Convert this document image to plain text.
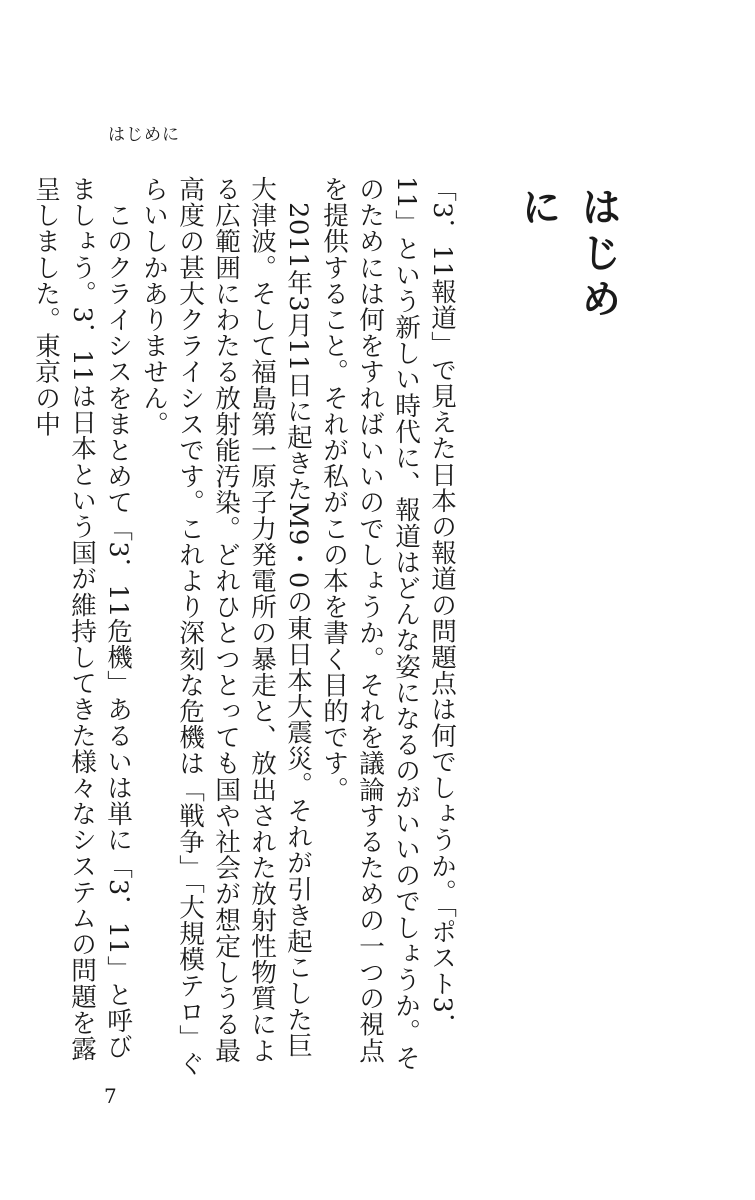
はじめに
はじめに

「3．11報道」で見えた日本の報道の問題点は何でしょうか。「ポスト3．11」という新しい時代に、報道はどんな姿になるのがいいのでしょうか。そのためには何をすればいいのでしょうか。それを議論するための一つの視点を提供すること。それが私がこの本を書く目的です。

　2011年3月11日に起きたM9・0の東日本大震災。それが引き起こした巨大津波。そして福島第一原子力発電所の暴走と、放出された放射性物質による広範囲にわたる放射能汚染。どれひとつとっても国や社会が想定しうる最高度の甚大クライシスです。これより深刻な危機は「戦争」「大規模テロ」ぐらいしかありません。

　このクライシスをまとめて「3．11危機」あるいは単に「3．11」と呼びましょう。3．11は日本という国が維持してきた様々なシステムの問題を露呈しました。東京の中

7
